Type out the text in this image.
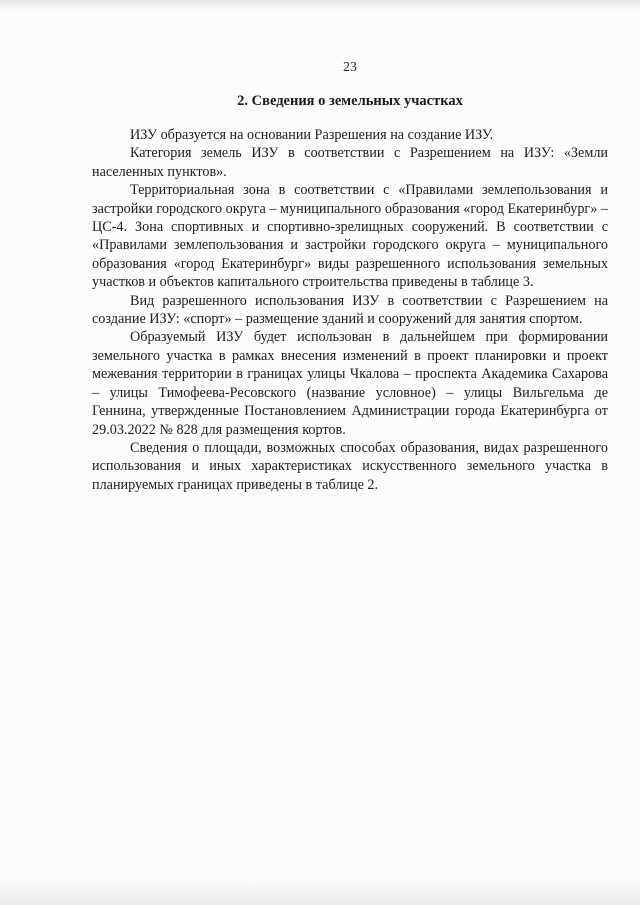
23
2. Сведения о земельных участках

ИЗУ образуется на основании Разрешения на создание ИЗУ.

Категория земель ИЗУ в соответствии с Разрешением на ИЗУ: «Земли населенных пунктов».

Территориальная зона в соответствии с «Правилами землепользования и застройки городского округа – муниципального образования «город Екатеринбург» – ЦС-4. Зона спортивных и спортивно-зрелищных сооружений. В соответствии с «Правилами землепользования и застройки городского округа – муниципального образования «город Екатеринбург» виды разрешенного использования земельных участков и объектов капитального строительства приведены в таблице 3.

Вид разрешенного использования ИЗУ в соответствии с Разрешением на создание ИЗУ: «спорт» – размещение зданий и сооружений для занятия спортом.

Образуемый ИЗУ будет использован в дальнейшем при формировании земельного участка в рамках внесения изменений в проект планировки и проект межевания территории в границах улицы Чкалова – проспекта Академика Сахарова – улицы Тимофеева-Ресовского (название условное) – улицы Вильгельма де Геннина, утвержденные Постановлением Администрации города Екатеринбурга от 29.03.2022 № 828 для размещения кортов.

Сведения о площади, возможных способах образования, видах разрешенного использования и иных характеристиках искусственного земельного участка в планируемых границах приведены в таблице 2.
